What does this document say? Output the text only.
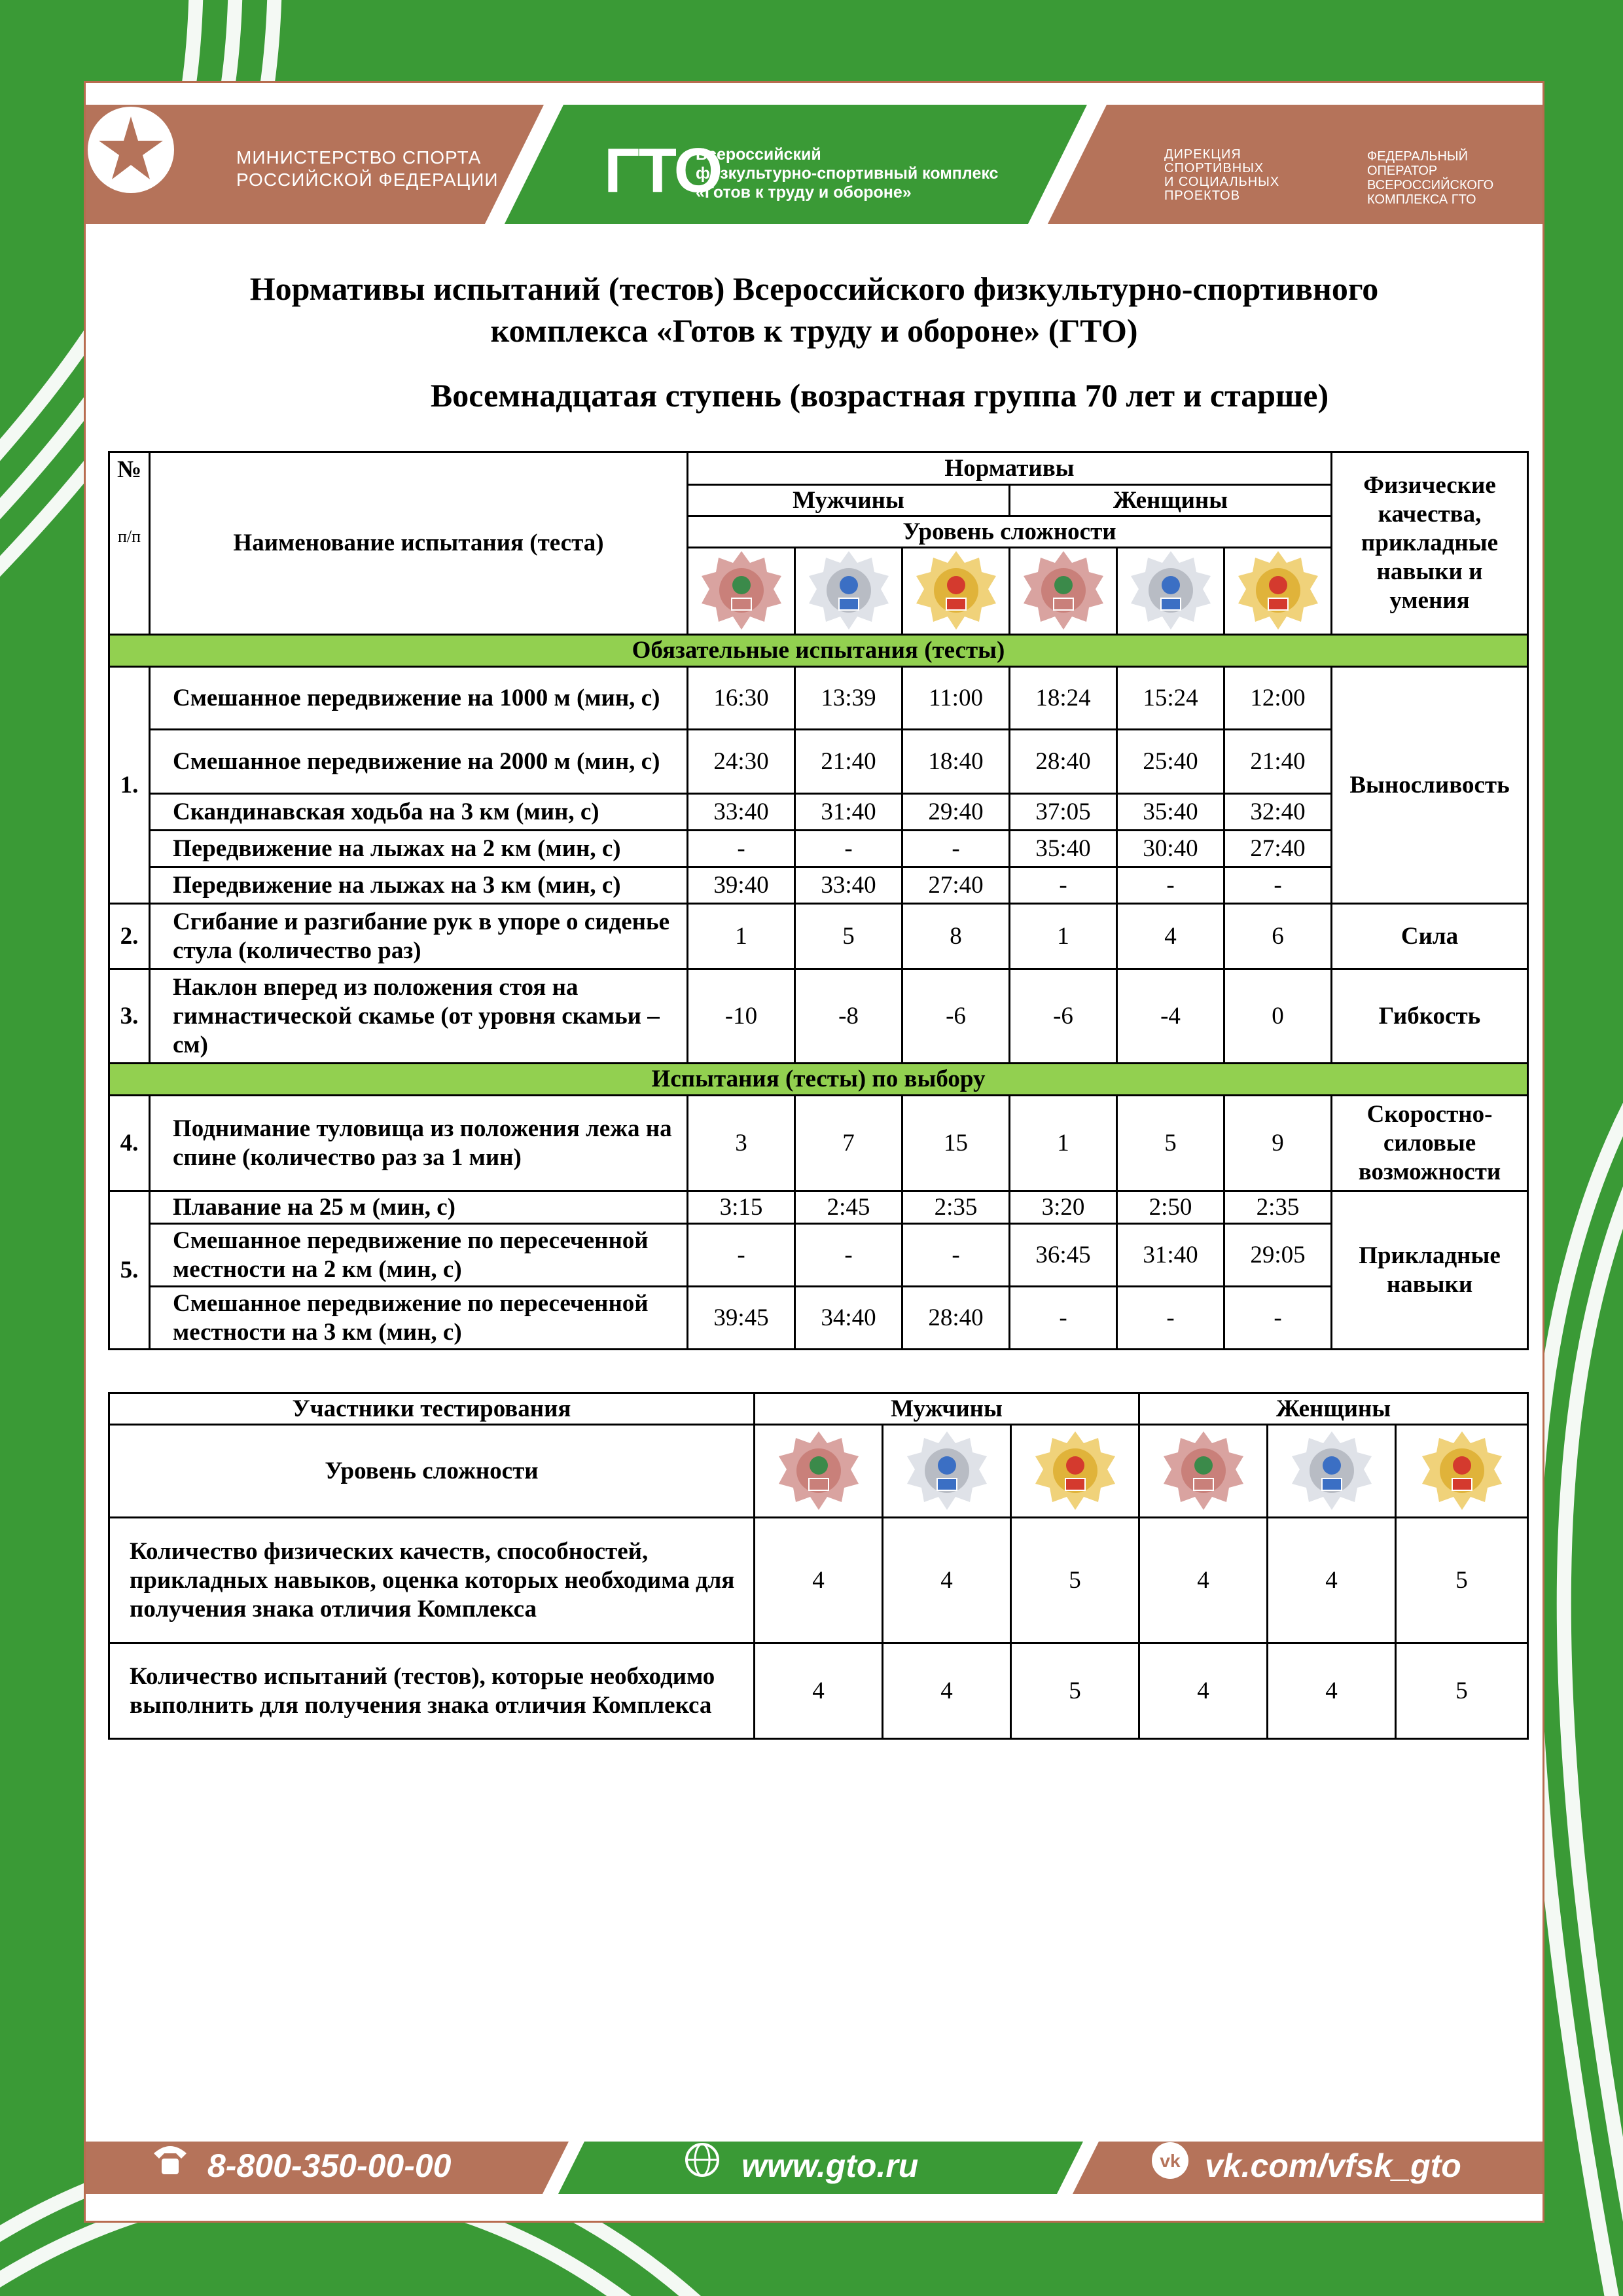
МИНИСТЕРСТВО СПОРТА
РОССИЙСКОЙ ФЕДЕРАЦИИ ГТО
Всероссийский
физкультурно-спортивный комплекс
«Готов к труду и обороне»
ДИРЕКЦИЯ
СПОРТИВНЫХ
И СОЦИАЛЬНЫХ
ПРОЕКТОВ
ФЕДЕРАЛЬНЫЙ
ОПЕРАТОР
ВСЕРОССИЙСКОГО
КОМПЛЕКСА ГТО
Нормативы испытаний (тестов) Всероссийского физкультурно-спортивного
комплекса «Готов к труду и обороне» (ГТО)
Восемнадцатая ступень (возрастная группа 70 лет и старше)
№
п/п	Наименование испытания (теста)	Нормативы						Физические качества, прикладные навыки и умения
		Мужчины			Женщины			
		Уровень сложности						

Обязательные испытания (тесты)								
1.	Смешанное передвижение на 1000 м (мин, с)	16:30	13:39	11:00	18:24	15:24	12:00	Выносливость
	Смешанное передвижение на 2000 м (мин, с)	24:30	21:40	18:40	28:40	25:40	21:40	
	Скандинавская ходьба на 3 км (мин, с)	33:40	31:40	29:40	37:05	35:40	32:40	
	Передвижение на лыжах на 2 км (мин, с)	-	-	-	35:40	30:40	27:40	
	Передвижение на лыжах на 3 км (мин, с)	39:40	33:40	27:40	-	-	-	
2.	Сгибание и разгибание рук в упоре о сиденье стула (количество раз)	1	5	8	1	4	6	Сила
3.	Наклон вперед из положения стоя на гимнастической скамье (от уровня скамьи – см)	-10	-8	-6	-6	-4	0	Гибкость
Испытания (тесты) по выбору								
4.	Поднимание туловища из положения лежа на спине (количество раз за 1 мин)	3	7	15	1	5	9	Скоростно-силовые возможности
5.	Плавание на 25 м (мин, с)	3:15	2:45	2:35	3:20	2:50	2:35	Прикладные навыки
	Смешанное передвижение по пересеченной местности на 2 км (мин, с)	-	-	-	36:45	31:40	29:05	
	Смешанное передвижение по пересеченной местности на 3 км (мин, с)	39:45	34:40	28:40	-	-	-	
Участники тестирования	Мужчины			Женщины		
Уровень сложности	

Количество физических качеств, способностей, прикладных навыков, оценка которых необходима для получения знака отличия Комплекса	4	4	5	4	4	5
Количество испытаний (тестов), которые необходимо выполнить для получения знака отличия Комплекса	4	4	5	4	4	5
8-800-350-00-00	www.gto.ru	vk vk.com/vfsk_gto
